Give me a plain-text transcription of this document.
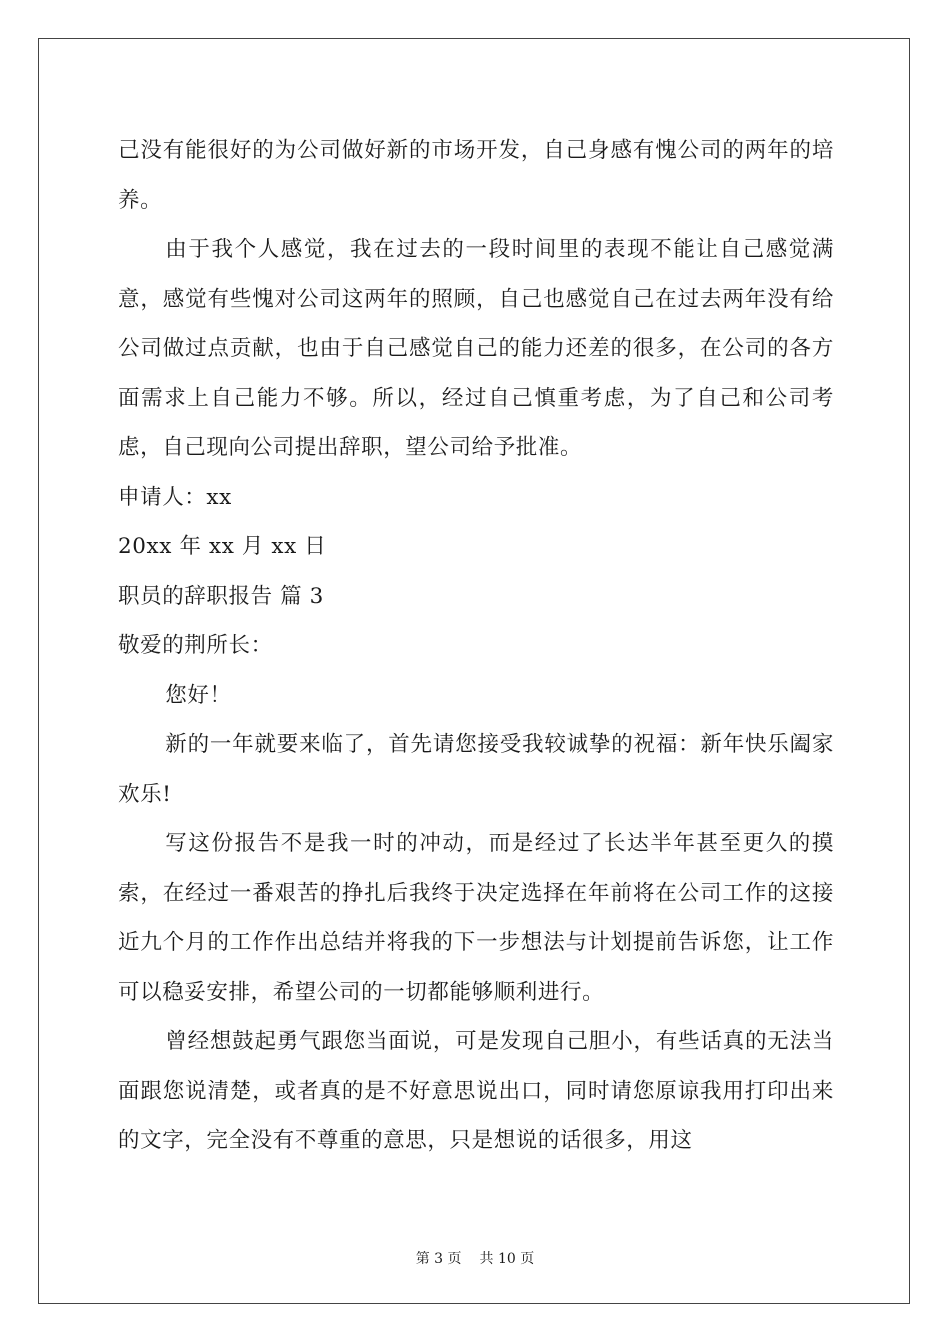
己没有能很好的为公司做好新的市场开发，自己身感有愧公司的两年的培养。

由于我个人感觉，我在过去的一段时间里的表现不能让自己感觉满意，感觉有些愧对公司这两年的照顾，自己也感觉自己在过去两年没有给公司做过点贡献，也由于自己感觉自己的能力还差的很多，在公司的各方面需求上自己能力不够。所以，经过自己慎重考虑，为了自己和公司考虑，自己现向公司提出辞职，望公司给予批准。

申请人：xx

20xx 年 xx 月 xx 日

职员的辞职报告 篇 3

敬爱的荆所长：

您好！

新的一年就要来临了，首先请您接受我较诚挚的祝福：新年快乐阖家欢乐!

写这份报告不是我一时的冲动，而是经过了长达半年甚至更久的摸索，在经过一番艰苦的挣扎后我终于决定选择在年前将在公司工作的这接近九个月的工作作出总结并将我的下一步想法与计划提前告诉您，让工作可以稳妥安排，希望公司的一切都能够顺利进行。

曾经想鼓起勇气跟您当面说，可是发现自己胆小，有些话真的无法当面跟您说清楚，或者真的是不好意思说出口，同时请您原谅我用打印出来的文字，完全没有不尊重的意思，只是想说的话很多，用这

第 3 页 共 10 页
